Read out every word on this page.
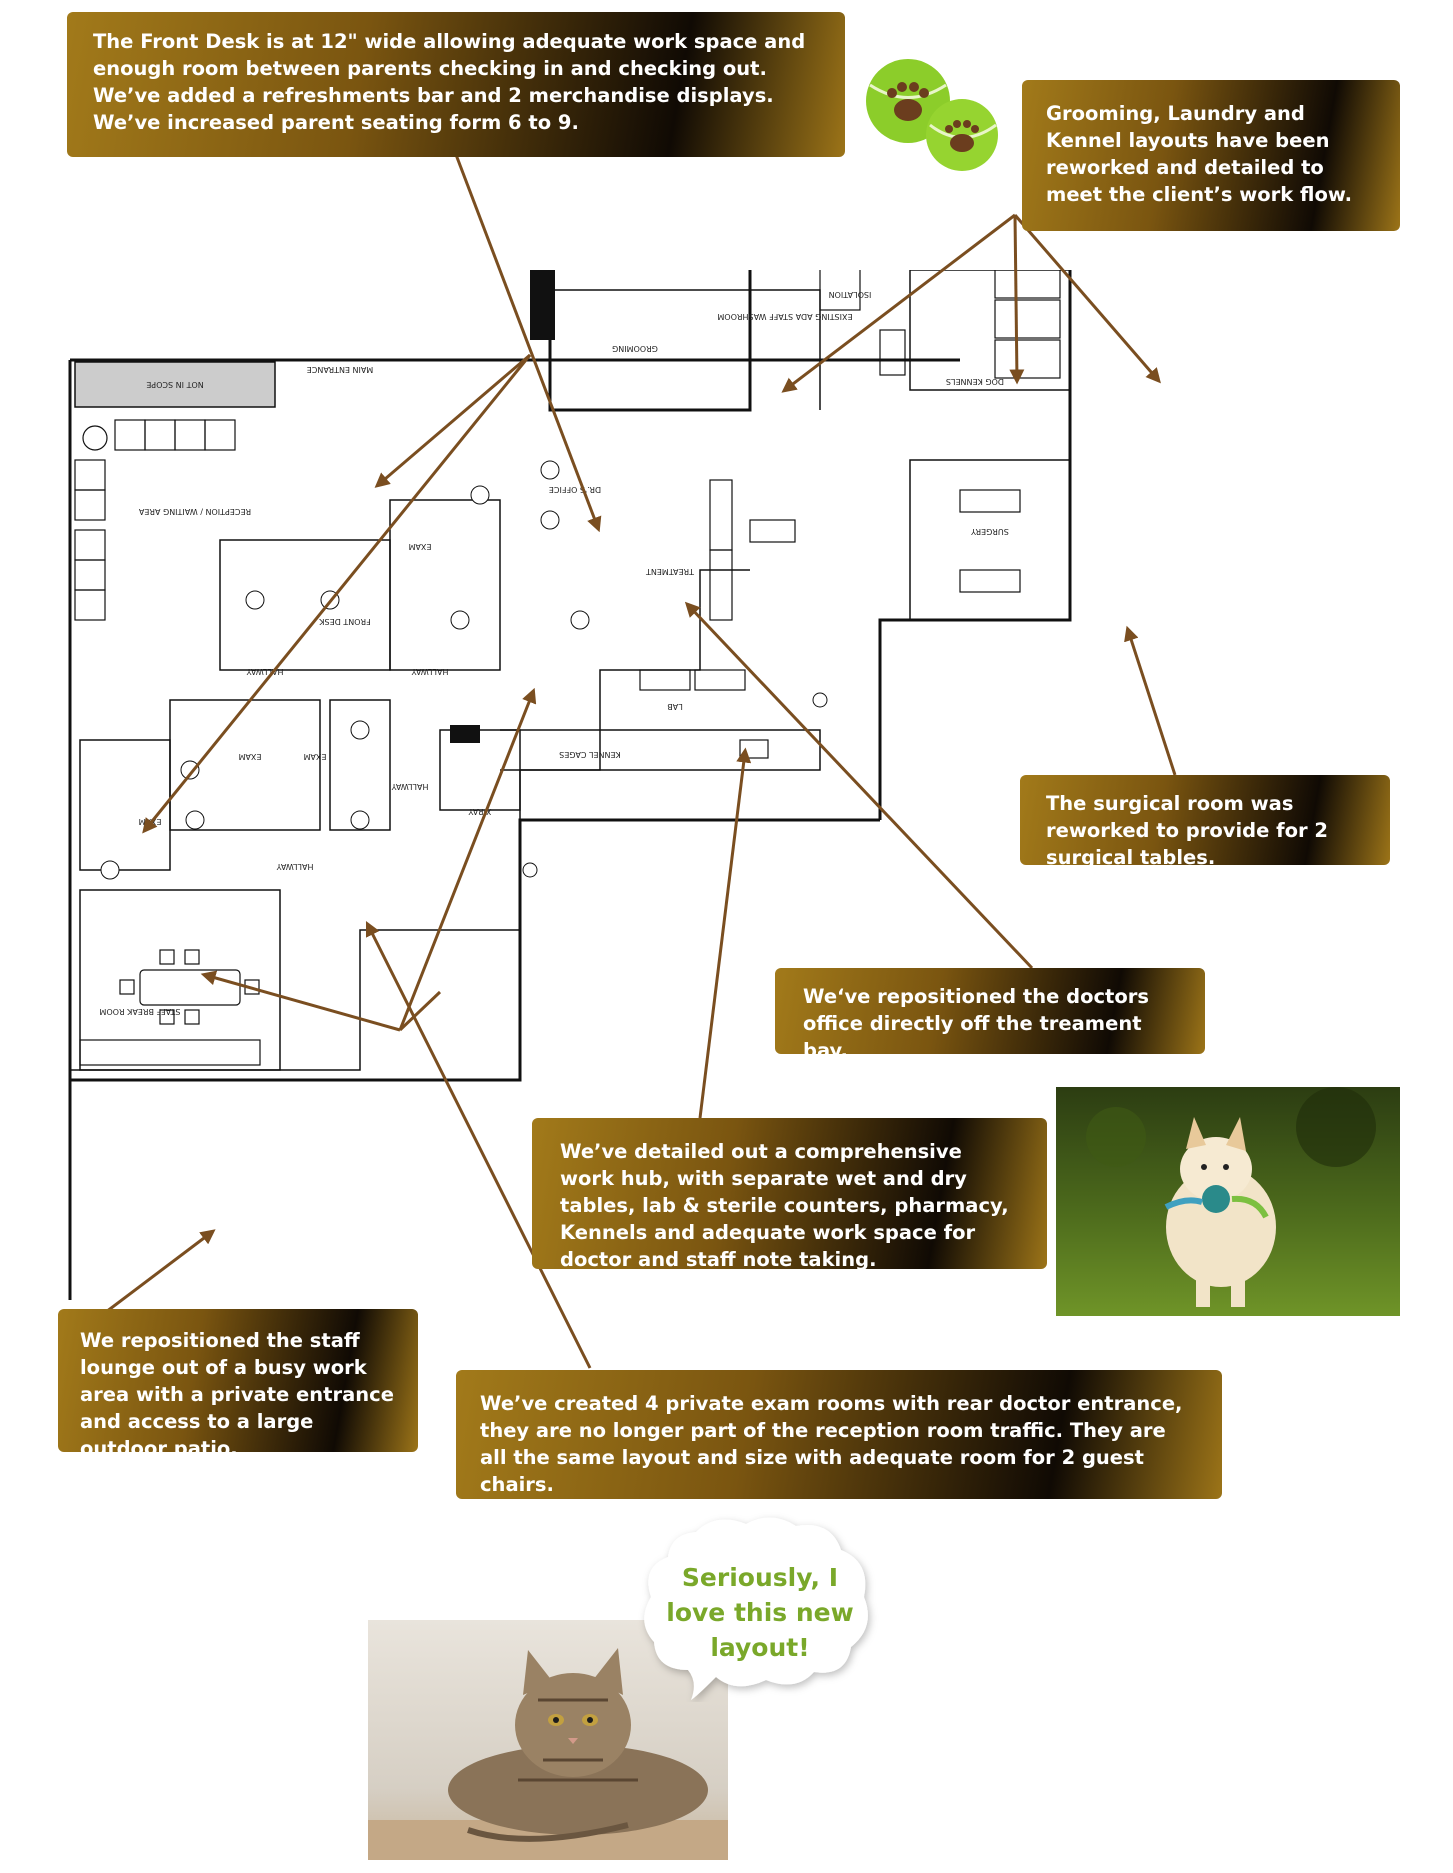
NOT IN SCOPE
RECEPTION / WAITING AREA
FRONT DESK
HALLWAY
EXAM
STAFF BREAK ROOM
HALLWAY
EXAM	EXAM
HALLWAY
X-RAY
HALLWAY
EXAM
LAB
TREATMENT
DR.'S OFFICE
GROOMING
EXISTING ADA STAFF WASHROOM
ISOLATION
DOG KENNELS
SURGERY
MAIN ENTRANCE
KENNEL CAGES
The Front Desk is at 12" wide allowing adequate work space and enough room between parents checking in and checking out. We’ve added a refreshments bar and 2 merchandise displays. We’ve increased parent seating form 6 to 9.	Grooming, Laundry and Kennel layouts have been reworked and detailed to meet the client’s work flow.
The surgical room was reworked to provide for 2 surgical tables.
We‘ve repositioned the doctors office directly off the treament bay.
We’ve detailed out a comprehensive work hub, with separate wet and dry tables, lab & sterile counters, pharmacy, Kennels and adequate work space for doctor and staff note taking.
We repositioned the staff lounge out of a busy work area with a private entrance and access to a large outdoor patio.
We’ve created 4 private exam rooms with rear doctor entrance, they are no longer part of the reception room traffic. They are all the same layout and size with adequate room for 2 guest chairs.
Seriously, I love this new layout!
